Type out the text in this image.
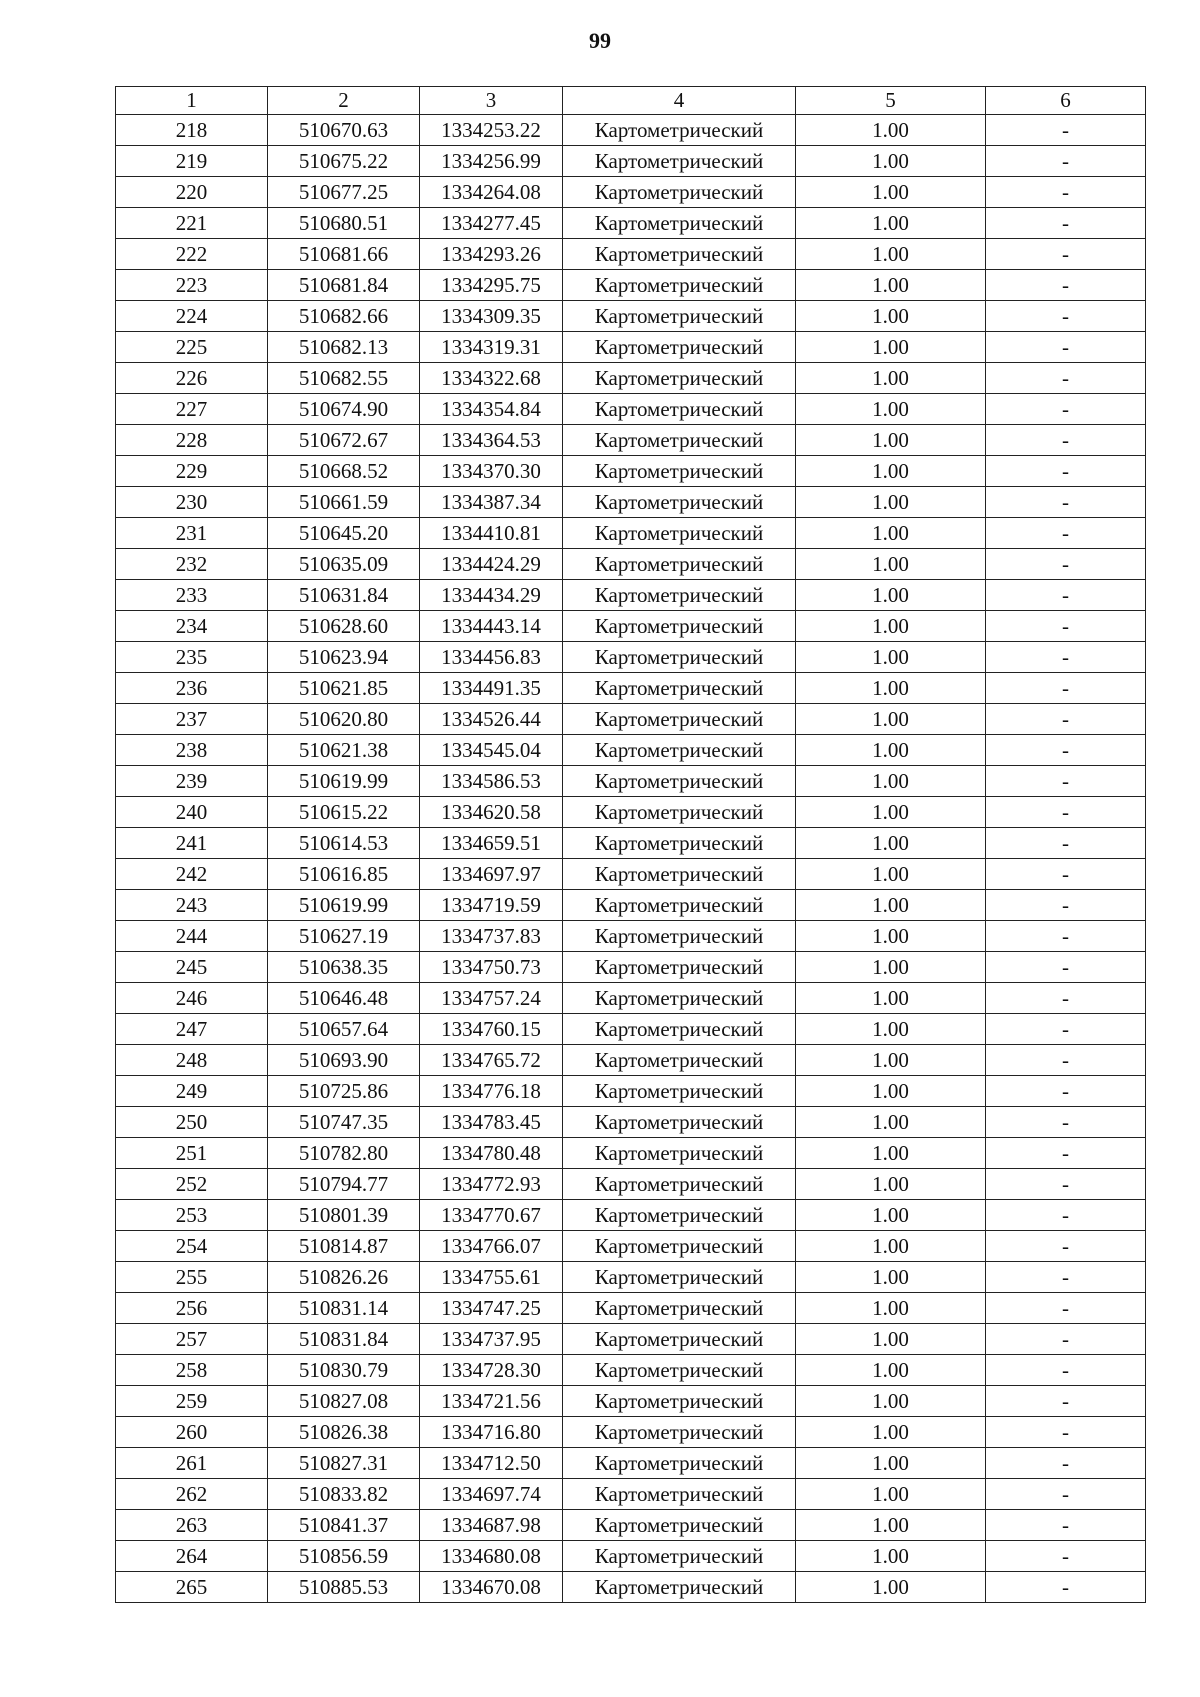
99
1	2	3	4	5	6
218	510670.63	1334253.22	Картометрический	1.00	-
219	510675.22	1334256.99	Картометрический	1.00	-
220	510677.25	1334264.08	Картометрический	1.00	-
221	510680.51	1334277.45	Картометрический	1.00	-
222	510681.66	1334293.26	Картометрический	1.00	-
223	510681.84	1334295.75	Картометрический	1.00	-
224	510682.66	1334309.35	Картометрический	1.00	-
225	510682.13	1334319.31	Картометрический	1.00	-
226	510682.55	1334322.68	Картометрический	1.00	-
227	510674.90	1334354.84	Картометрический	1.00	-
228	510672.67	1334364.53	Картометрический	1.00	-
229	510668.52	1334370.30	Картометрический	1.00	-
230	510661.59	1334387.34	Картометрический	1.00	-
231	510645.20	1334410.81	Картометрический	1.00	-
232	510635.09	1334424.29	Картометрический	1.00	-
233	510631.84	1334434.29	Картометрический	1.00	-
234	510628.60	1334443.14	Картометрический	1.00	-
235	510623.94	1334456.83	Картометрический	1.00	-
236	510621.85	1334491.35	Картометрический	1.00	-
237	510620.80	1334526.44	Картометрический	1.00	-
238	510621.38	1334545.04	Картометрический	1.00	-
239	510619.99	1334586.53	Картометрический	1.00	-
240	510615.22	1334620.58	Картометрический	1.00	-
241	510614.53	1334659.51	Картометрический	1.00	-
242	510616.85	1334697.97	Картометрический	1.00	-
243	510619.99	1334719.59	Картометрический	1.00	-
244	510627.19	1334737.83	Картометрический	1.00	-
245	510638.35	1334750.73	Картометрический	1.00	-
246	510646.48	1334757.24	Картометрический	1.00	-
247	510657.64	1334760.15	Картометрический	1.00	-
248	510693.90	1334765.72	Картометрический	1.00	-
249	510725.86	1334776.18	Картометрический	1.00	-
250	510747.35	1334783.45	Картометрический	1.00	-
251	510782.80	1334780.48	Картометрический	1.00	-
252	510794.77	1334772.93	Картометрический	1.00	-
253	510801.39	1334770.67	Картометрический	1.00	-
254	510814.87	1334766.07	Картометрический	1.00	-
255	510826.26	1334755.61	Картометрический	1.00	-
256	510831.14	1334747.25	Картометрический	1.00	-
257	510831.84	1334737.95	Картометрический	1.00	-
258	510830.79	1334728.30	Картометрический	1.00	-
259	510827.08	1334721.56	Картометрический	1.00	-
260	510826.38	1334716.80	Картометрический	1.00	-
261	510827.31	1334712.50	Картометрический	1.00	-
262	510833.82	1334697.74	Картометрический	1.00	-
263	510841.37	1334687.98	Картометрический	1.00	-
264	510856.59	1334680.08	Картометрический	1.00	-
265	510885.53	1334670.08	Картометрический	1.00	-
